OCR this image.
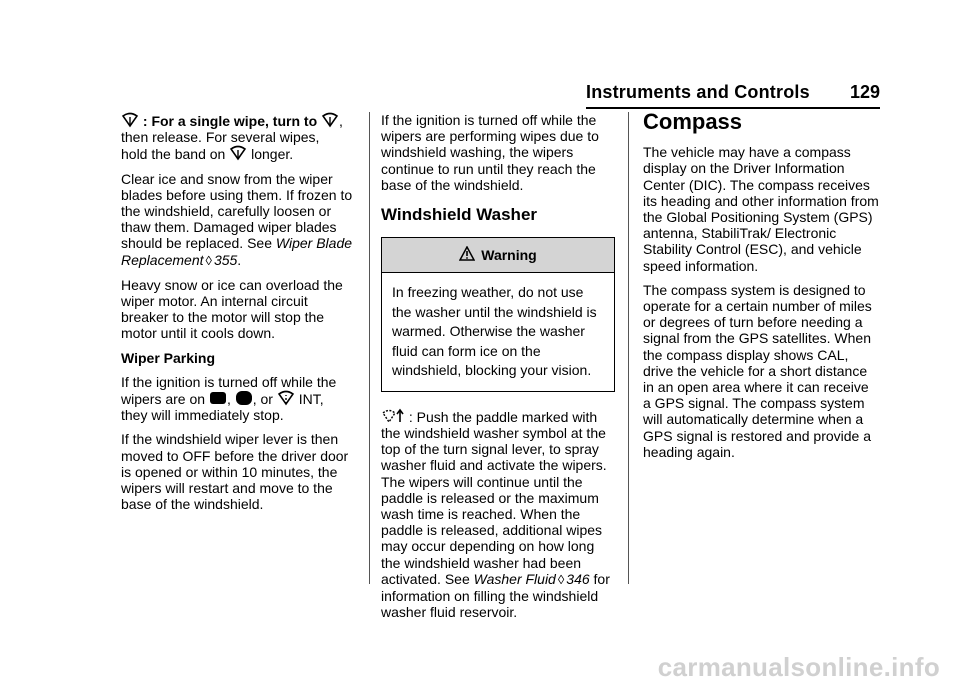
Instruments and Controls 129

: For a single wipe, turn to , then release. For several wipes,
hold the band on longer.

Clear ice and snow from the wiper blades before using them. If frozen to the windshield, carefully loosen or thaw them. Damaged wiper blades should be replaced. See Wiper Blade Replacement ◊ 355.

Heavy snow or ice can overload the wiper motor. An internal circuit breaker to the motor will stop the motor until it cools down.

Wiper Parking

If the ignition is turned off while the
wipers are on , , or INT,
they will immediately stop.

If the windshield wiper lever is then moved to OFF before the driver door is opened or within 10 minutes, the wipers will restart and move to the base of the windshield.

If the ignition is turned off while the wipers are performing wipes due to windshield washing, the wipers continue to run until they reach the base of the windshield.

Windshield Washer
Warning
In freezing weather, do not use the washer until the windshield is warmed. Otherwise the washer fluid can form ice on the windshield, blocking your vision.

: Push the paddle marked with the windshield washer symbol at the top of the turn signal lever, to spray washer fluid and activate the wipers. The wipers will continue until the paddle is released or the maximum wash time is reached. When the paddle is released, additional wipes may occur depending on how long the windshield washer had been activated. See Washer Fluid ◊ 346 for information on filling the windshield washer fluid reservoir.

Compass

The vehicle may have a compass display on the Driver Information Center (DIC). The compass receives its heading and other information from the Global Positioning System (GPS) antenna, StabiliTrak/ Electronic Stability Control (ESC), and vehicle speed information.

The compass system is designed to operate for a certain number of miles or degrees of turn before needing a signal from the GPS satellites. When the compass display shows CAL, drive the vehicle for a short distance in an open area where it can receive a GPS signal. The compass system will automatically determine when a GPS signal is restored and provide a heading again.

carmanualsonline.info
